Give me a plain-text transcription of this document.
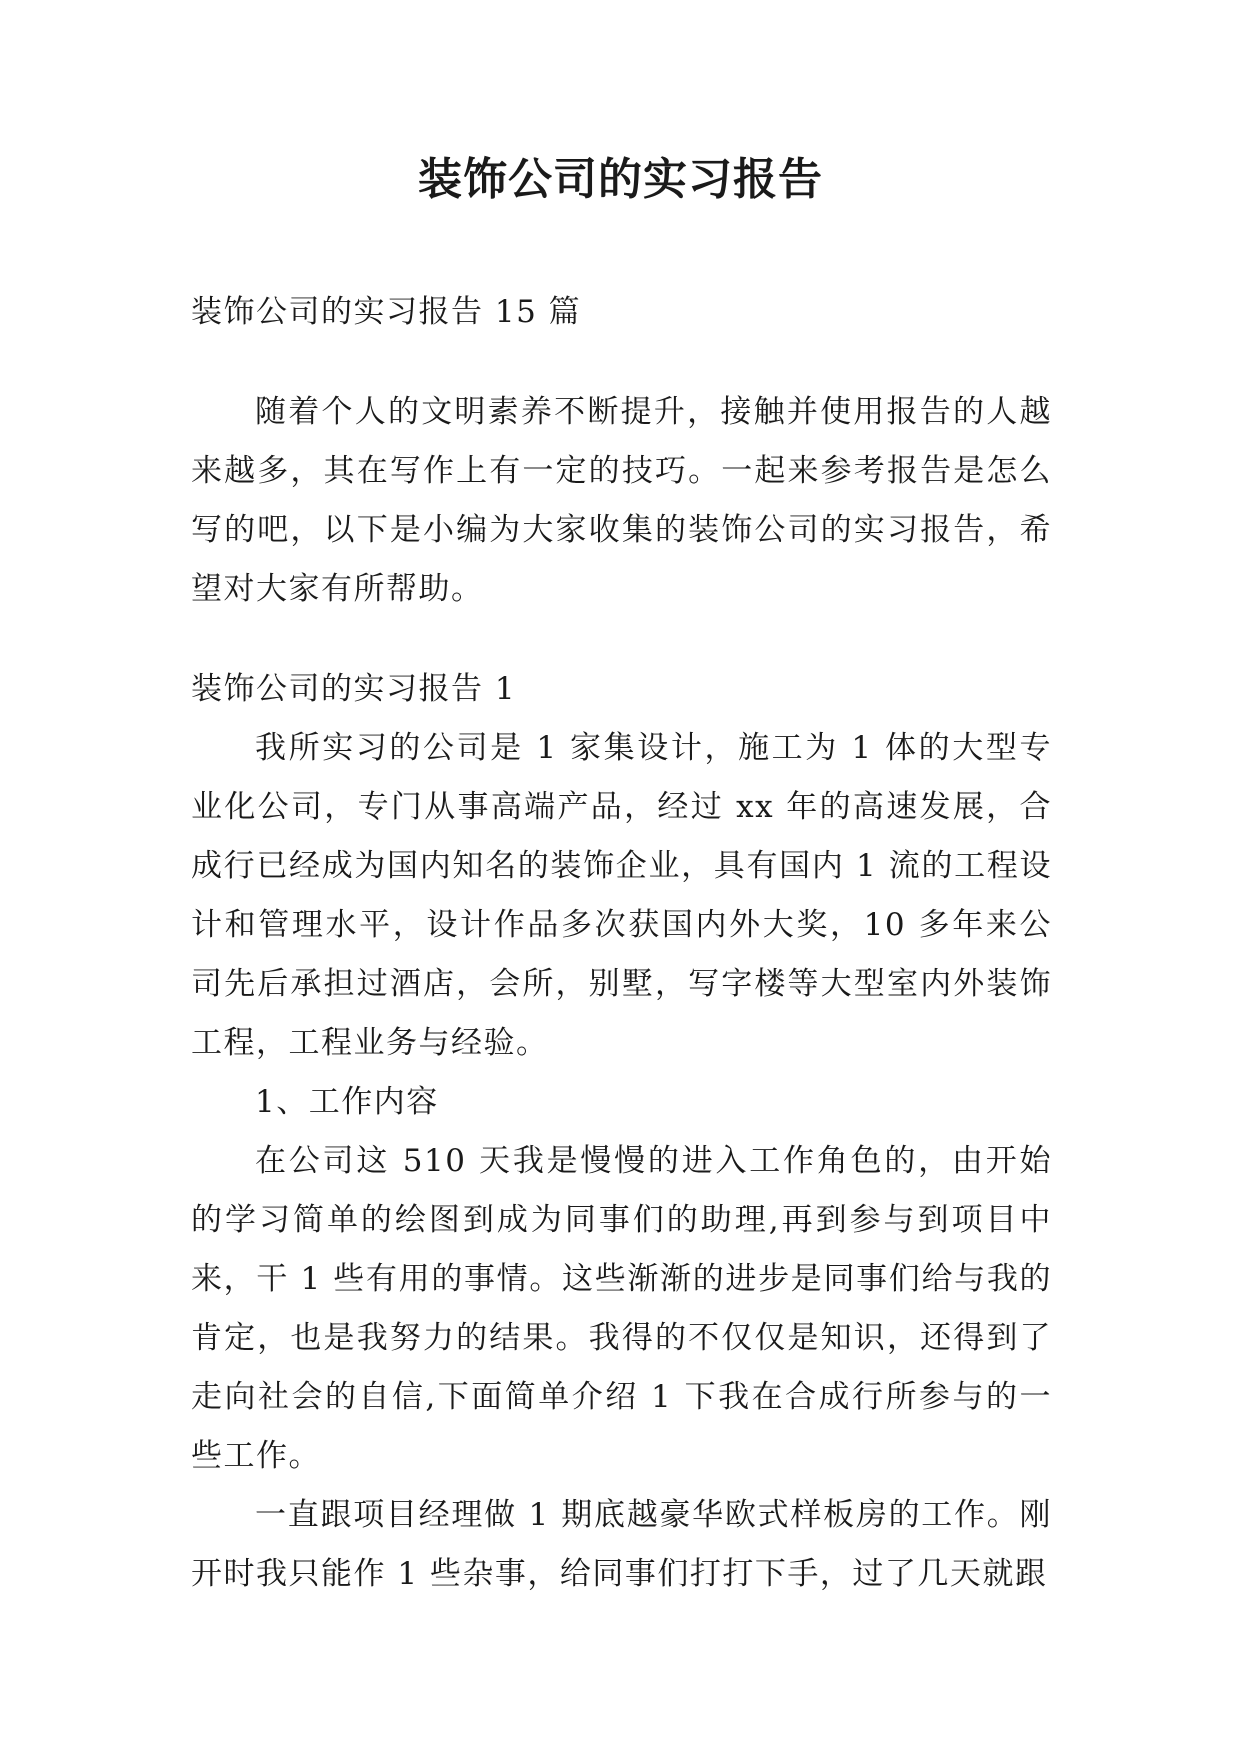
装饰公司的实习报告

装饰公司的实习报告 15 篇

随着个人的文明素养不断提升，接触并使用报告的人越来越多，其在写作上有一定的技巧。一起来参考报告是怎么写的吧，以下是小编为大家收集的装饰公司的实习报告，希望对大家有所帮助。

装饰公司的实习报告 1

我所实习的公司是 1 家集设计，施工为 1 体的大型专业化公司，专门从事高端产品，经过 xx 年的高速发展，合成行已经成为国内知名的装饰企业，具有国内 1 流的工程设计和管理水平，设计作品多次获国内外大奖，10 多年来公司先后承担过酒店，会所，别墅，写字楼等大型室内外装饰工程，工程业务与经验。

1、工作内容

在公司这 510 天我是慢慢的进入工作角色的，由开始的学习简单的绘图到成为同事们的助理,再到参与到项目中来，干 1 些有用的事情。这些渐渐的进步是同事们给与我的肯定，也是我努力的结果。我得的不仅仅是知识，还得到了走向社会的自信,下面简单介绍 1 下我在合成行所参与的一些工作。

一直跟项目经理做 1 期底越豪华欧式样板房的工作。刚开时我只能作 1 些杂事，给同事们打打下手，过了几天就跟
